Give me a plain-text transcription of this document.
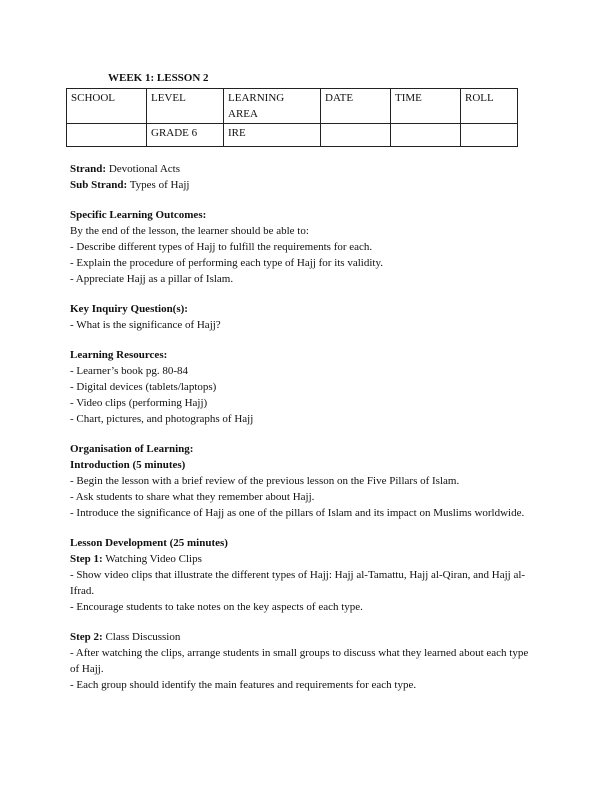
WEEK 1: LESSON 2
SCHOOL	LEVEL	LEARNING AREA	DATE	TIME	ROLL
	GRADE 6	IRE			

Strand: Devotional Acts

Sub Strand: Types of Hajj

Specific Learning Outcomes:

By the end of the lesson, the learner should be able to:

- Describe different types of Hajj to fulfill the requirements for each.

- Explain the procedure of performing each type of Hajj for its validity.

- Appreciate Hajj as a pillar of Islam.

Key Inquiry Question(s):

- What is the significance of Hajj?

Learning Resources:

- Learner’s book pg. 80-84

- Digital devices (tablets/laptops)

- Video clips (performing Hajj)

- Chart, pictures, and photographs of Hajj

Organisation of Learning:

Introduction (5 minutes)

- Begin the lesson with a brief review of the previous lesson on the Five Pillars of Islam.

- Ask students to share what they remember about Hajj.

- Introduce the significance of Hajj as one of the pillars of Islam and its impact on Muslims worldwide.

Lesson Development (25 minutes)

Step 1: Watching Video Clips

- Show video clips that illustrate the different types of Hajj: Hajj al-Tamattu, Hajj al-Qiran, and Hajj al-Ifrad.

- Encourage students to take notes on the key aspects of each type.

Step 2: Class Discussion

- After watching the clips, arrange students in small groups to discuss what they learned about each type of Hajj.

- Each group should identify the main features and requirements for each type.
